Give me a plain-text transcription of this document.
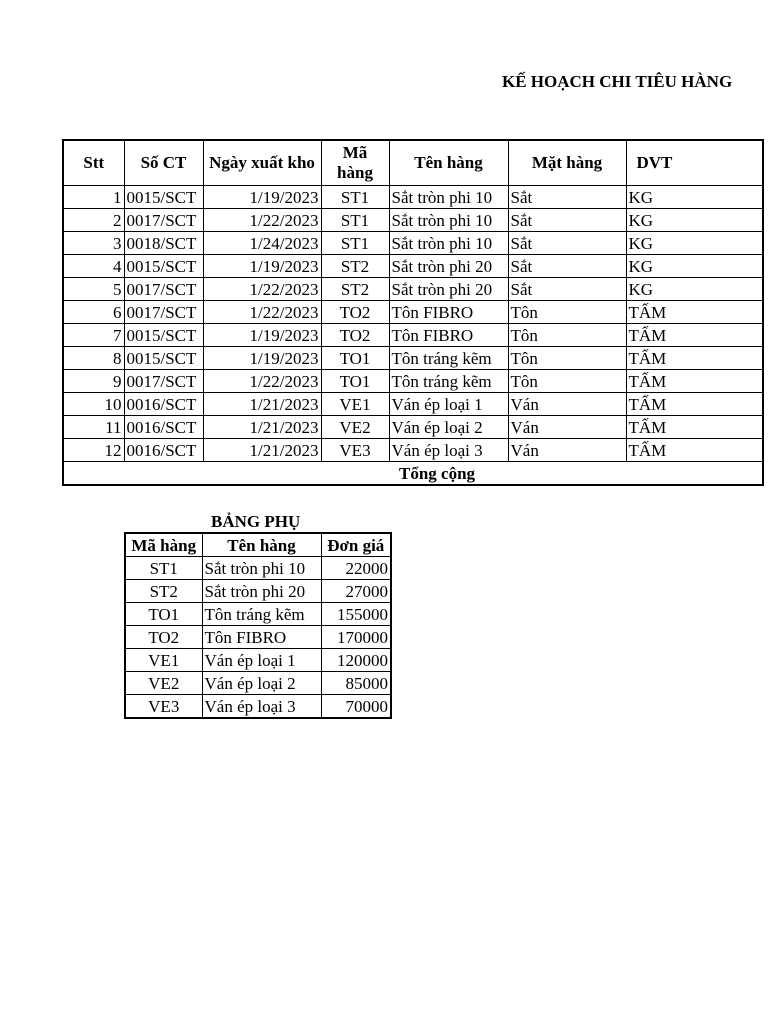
KẾ HOẠCH CHI TIÊU HÀNG
Stt	Số CT	Ngày xuất kho	Mã hàng	Tên hàng	Mặt hàng	DVT
1	0015/SCT	1/19/2023	ST1	Sắt tròn phi 10	Sắt	KG
2	0017/SCT	1/22/2023	ST1	Sắt tròn phi 10	Sắt	KG
3	0018/SCT	1/24/2023	ST1	Sắt tròn phi 10	Sắt	KG
4	0015/SCT	1/19/2023	ST2	Sắt tròn phi 20	Sắt	KG
5	0017/SCT	1/22/2023	ST2	Sắt tròn phi 20	Sắt	KG
6	0017/SCT	1/22/2023	TO2	Tôn FIBRO	Tôn	TẤM
7	0015/SCT	1/19/2023	TO2	Tôn FIBRO	Tôn	TẤM
8	0015/SCT	1/19/2023	TO1	Tôn tráng kẽm	Tôn	TẤM
9	0017/SCT	1/22/2023	TO1	Tôn tráng kẽm	Tôn	TẤM
10	0016/SCT	1/21/2023	VE1	Ván ép loại 1	Ván	TẤM
11	0016/SCT	1/21/2023	VE2	Ván ép loại 2	Ván	TẤM
12	0016/SCT	1/21/2023	VE3	Ván ép loại 3	Ván	TẤM
Tổng cộng						
BẢNG PHỤ
Mã hàng	Tên hàng	Đơn giá
ST1	Sắt tròn phi 10	22000
ST2	Sắt tròn phi 20	27000
TO1	Tôn tráng kẽm	155000
TO2	Tôn FIBRO	170000
VE1	Ván ép loại 1	120000
VE2	Ván ép loại 2	85000
VE3	Ván ép loại 3	70000
